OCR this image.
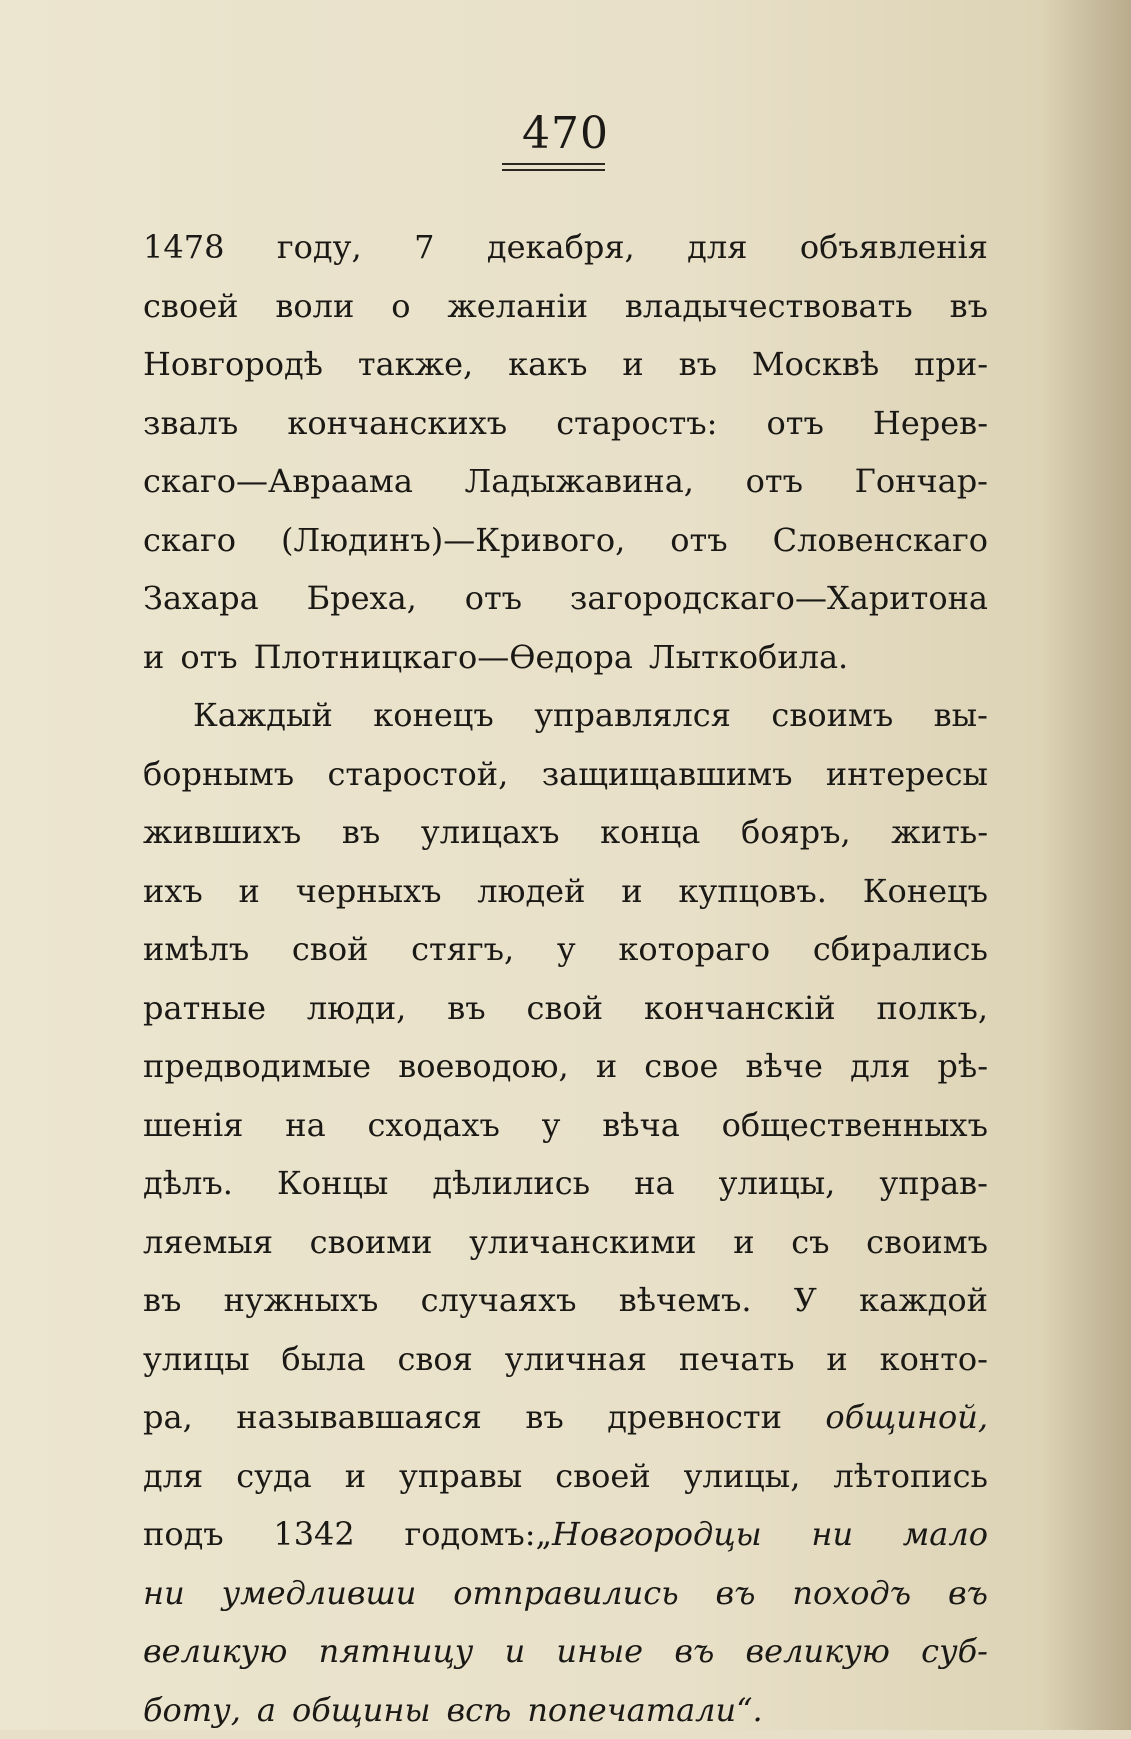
470
1478 году, 7 декабря, для объявленія
своей воли о желаніи владычествовать въ
Новгородѣ также, какъ и въ Москвѣ при-
звалъ кончанскихъ старостъ: отъ Нерев-
скаго—Авраама Ладыжавина, отъ Гончар-
скаго (Людинъ)—Кривого, отъ Словенскаго
Захара Бреха, отъ загородскаго—Харитона
и отъ Плотницкаго—Өедора Лыткобила.
Каждый конецъ управлялся своимъ вы-
борнымъ старостой, защищавшимъ интересы
жившихъ въ улицахъ конца бояръ, жить-
ихъ и черныхъ людей и купцовъ. Конецъ
имѣлъ свой стягъ, у котораго сбирались
ратные люди, въ свой кончанскій полкъ,
предводимые воеводою, и свое вѣче для рѣ-
шенія на сходахъ у вѣча общественныхъ
дѣлъ. Концы дѣлились на улицы, управ-
ляемыя своими уличанскими и съ своимъ
въ нужныхъ случаяхъ вѣчемъ. У каждой
улицы была своя уличная печать и конто-
ра, называвшаяся въ древности общиной,
для суда и управы своей улицы, лѣтопись
подъ 1342 годомъ:„Новгородцы ни мало
ни умедливши отправились въ походъ въ
великую пятницу и иные въ великую суб-
боту, а общины всѣ попечатали“.
